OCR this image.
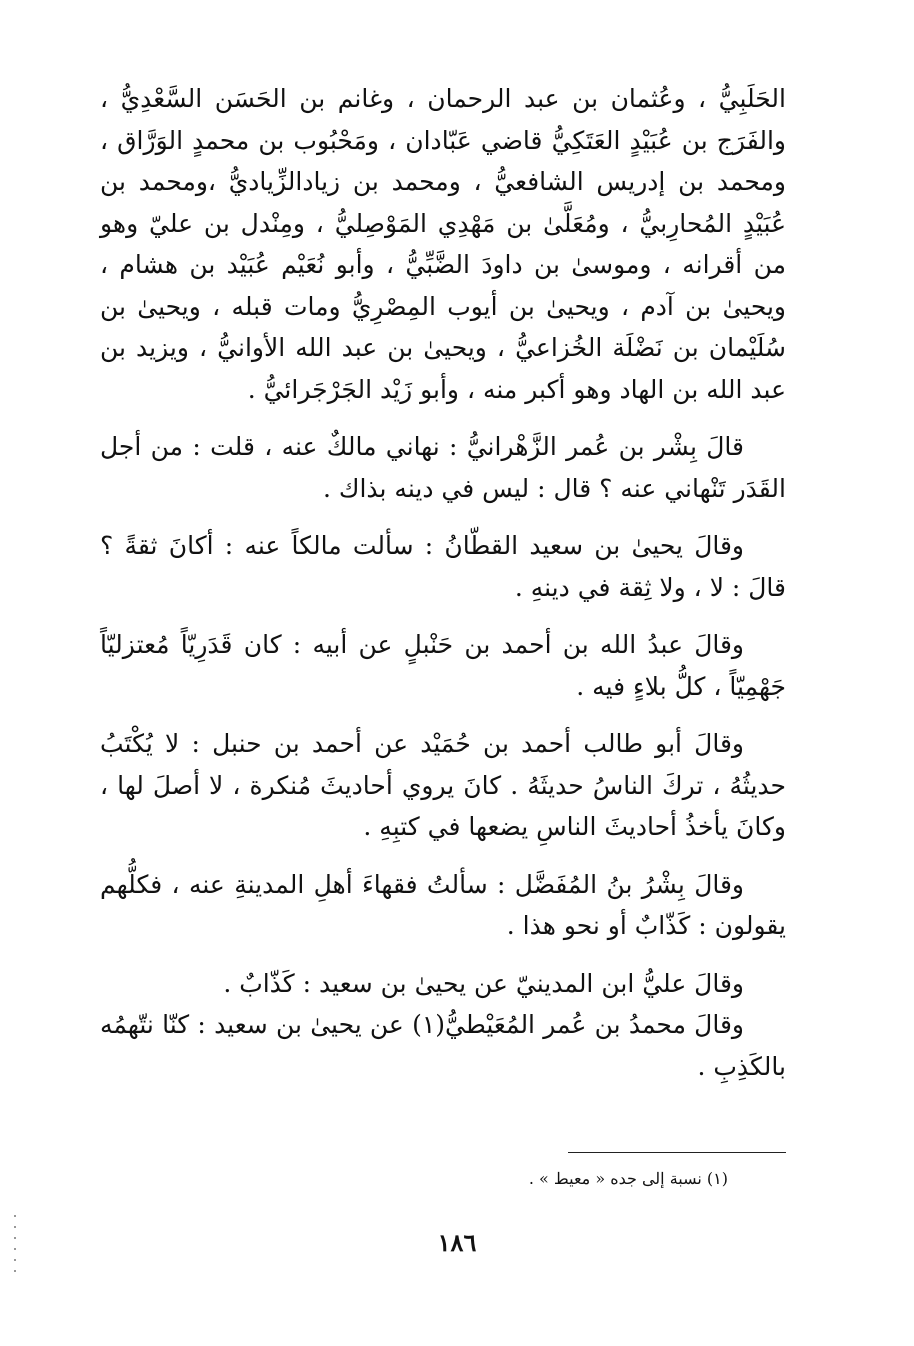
الحَلَبِيُّ ، وعُثمان بن عبد الرحمان ، وغانم بن الحَسَن السَّعْدِيُّ ، والفَرَج بن عُبَيْدٍ العَتَكِيُّ قاضي عَبّادان ، ومَحْبُوب بن محمدٍ الوَرَّاق ، ومحمد بن إدريس الشافعيُّ ، ومحمد بن زيادالزِّياديُّ ،ومحمد بن عُبَيْدٍ المُحارِبيُّ ، ومُعَلَّىٰ بن مَهْدِي المَوْصِليُّ ، ومِنْدل بن عليّ وهو من أقرانه ، وموسىٰ بن داودَ الضَّبِّيُّ ، وأبو نُعَيْم عُبَيْد بن هشام ، ويحيىٰ بن آدم ، ويحيىٰ بن أيوب المِصْرِيُّ ومات قبله ، ويحيىٰ بن سُلَيْمان بن نَضْلَة الخُزاعيُّ ، ويحيىٰ بن عبد الله الأوانيُّ ، ويزيد بن عبد الله بن الهاد وهو أكبر منه ، وأبو زَيْد الجَرْجَرائيُّ .

قالَ بِشْر بن عُمر الزَّهْرانيُّ : نهاني مالكٌ عنه ، قلت : من أجل القَدَر تَنْهاني عنه ؟ قال : ليس في دينه بذاك .

وقالَ يحيىٰ بن سعيد القطّانُ : سألت مالكاً عنه : أكانَ ثقةً ؟ قالَ : لا ، ولا ثِقة في دينهِ .

وقالَ عبدُ الله بن أحمد بن حَنْبلٍ عن أبيه : كان قَدَرِيّاً مُعتزليّاً جَهْمِيّاً ، كلُّ بلاءٍ فيه .

وقالَ أبو طالب أحمد بن حُمَيْد عن أحمد بن حنبل : لا يُكْتَبُ حديثُهُ ، تركَ الناسُ حديثَهُ . كانَ يروي أحاديثَ مُنكرة ، لا أصلَ لها ، وكانَ يأخذُ أحاديثَ الناسِ يضعها في كتبِهِ .

وقالَ بِشْرُ بنُ المُفَضَّل : سألتُ فقهاءَ أهلِ المدينةِ عنه ، فكلُّهم يقولون : كَذّابٌ أو نحو هذا .

وقالَ عليُّ ابن المدينيّ عن يحيىٰ بن سعيد : كَذّابٌ .

وقالَ محمدُ بن عُمر المُعَيْطيُّ(١) عن يحيىٰ بن سعيد : كنّا نتّهمُه بالكَذِبِ .

(١) نسبة إلى جده « معيط » .
١٨٦
